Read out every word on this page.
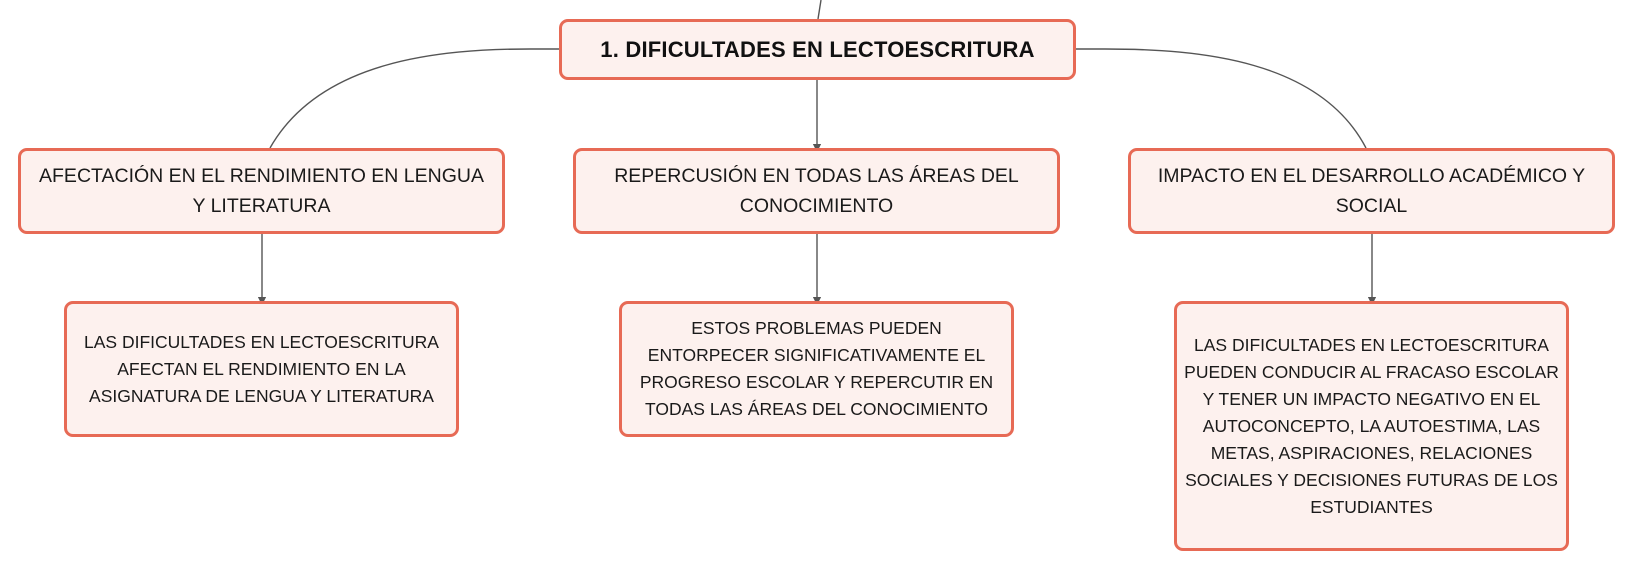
1. DIFICULTADES EN LECTOESCRITURA
AFECTACIÓN EN EL RENDIMIENTO EN LENGUA Y LITERATURA
REPERCUSIÓN EN TODAS LAS ÁREAS DEL CONOCIMIENTO
IMPACTO EN EL DESARROLLO ACADÉMICO Y SOCIAL
LAS DIFICULTADES EN LECTOESCRITURA AFECTAN EL RENDIMIENTO EN LA ASIGNATURA DE LENGUA Y LITERATURA
ESTOS PROBLEMAS PUEDEN ENTORPECER SIGNIFICATIVAMENTE EL PROGRESO ESCOLAR Y REPERCUTIR EN TODAS LAS ÁREAS DEL CONOCIMIENTO
LAS DIFICULTADES EN LECTOESCRITURA PUEDEN CONDUCIR AL FRACASO ESCOLAR Y TENER UN IMPACTO NEGATIVO EN EL AUTOCONCEPTO, LA AUTOESTIMA, LAS METAS, ASPIRACIONES, RELACIONES SOCIALES Y DECISIONES FUTURAS DE LOS ESTUDIANTES
